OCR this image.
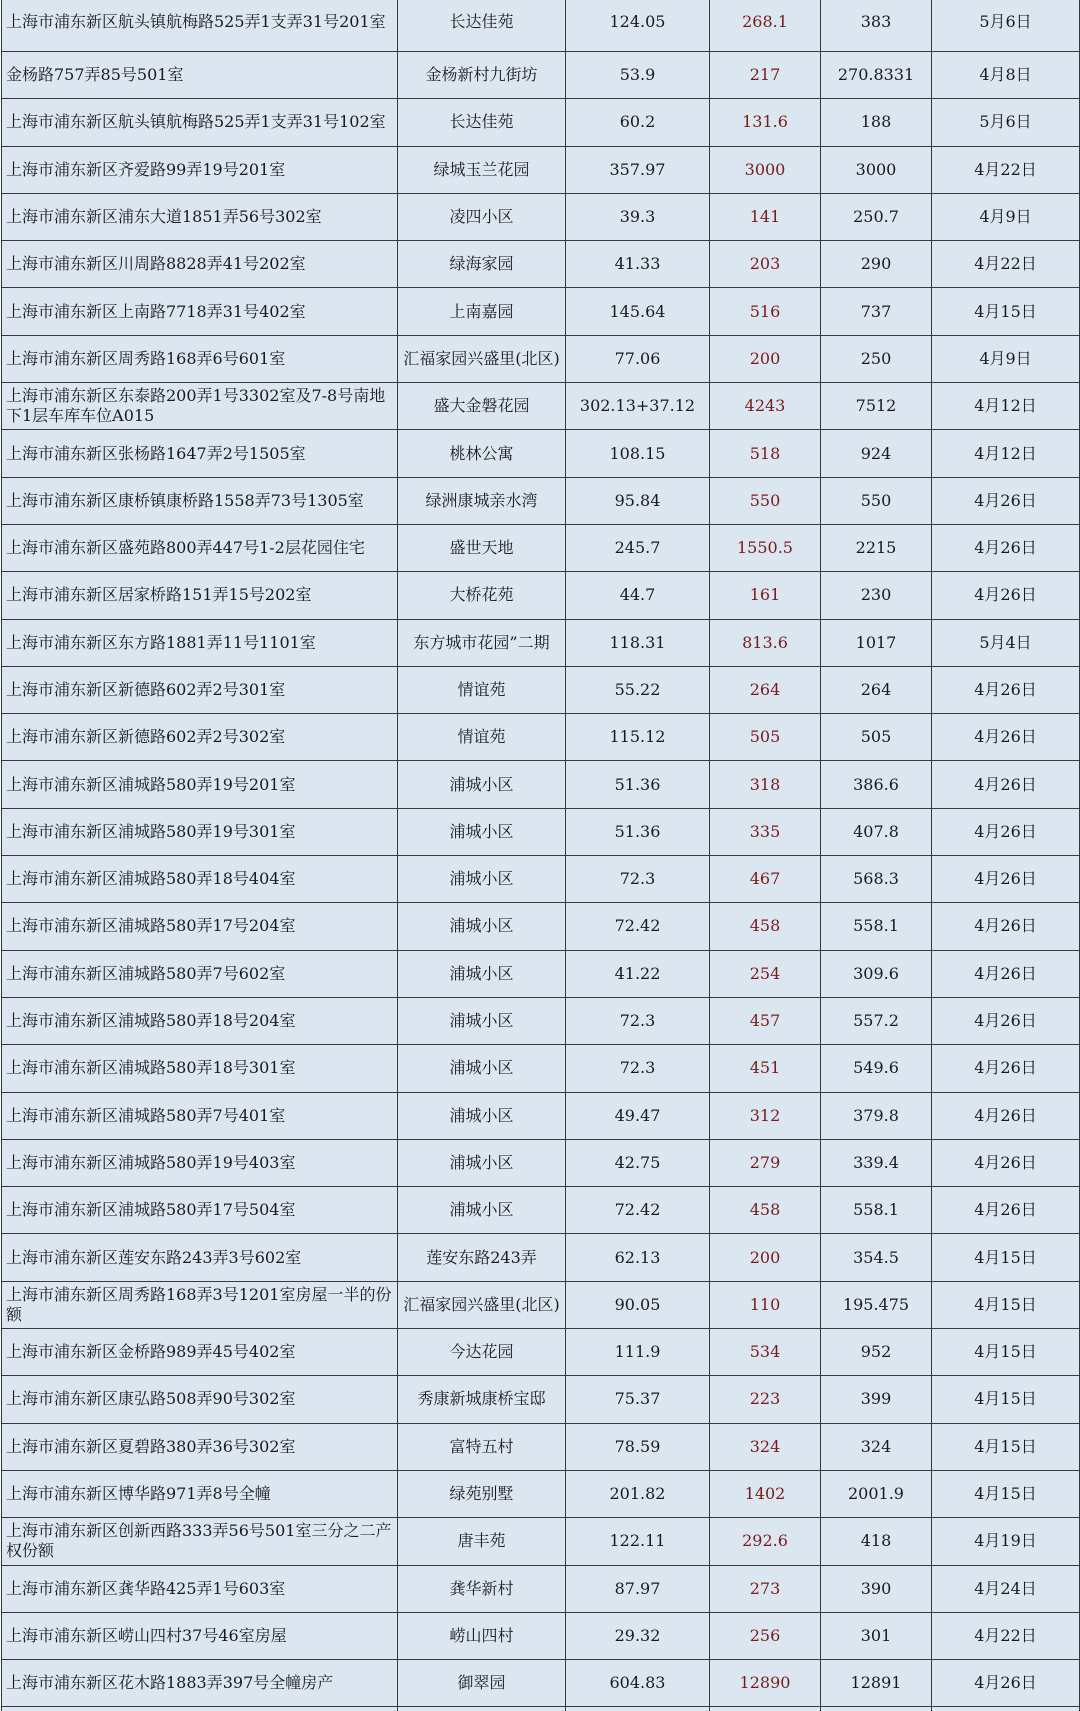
上海市浦东新区航头镇航梅路525弄1支弄31号201室	长达佳苑	124.05	268.1	383	5月6日
金杨路757弄85号501室	金杨新村九街坊	53.9	217	270.8331	4月8日
上海市浦东新区航头镇航梅路525弄1支弄31号102室	长达佳苑	60.2	131.6	188	5月6日
上海市浦东新区齐爱路99弄19号201室	绿城玉兰花园	357.97	3000	3000	4月22日
上海市浦东新区浦东大道1851弄56号302室	凌四小区	39.3	141	250.7	4月9日
上海市浦东新区川周路8828弄41号202室	绿海家园	41.33	203	290	4月22日
上海市浦东新区上南路7718弄31号402室	上南嘉园	145.64	516	737	4月15日
上海市浦东新区周秀路168弄6号601室	汇福家园兴盛里(北区)	77.06	200	250	4月9日
上海市浦东新区东泰路200弄1号3302室及7-8号南地下1层车库车位A015	盛大金磐花园	302.13+37.12	4243	7512	4月12日
上海市浦东新区张杨路1647弄2号1505室	桃林公寓	108.15	518	924	4月12日
上海市浦东新区康桥镇康桥路1558弄73号1305室	绿洲康城亲水湾	95.84	550	550	4月26日
上海市浦东新区盛苑路800弄447号1-2层花园住宅	盛世天地	245.7	1550.5	2215	4月26日
上海市浦东新区居家桥路151弄15号202室	大桥花苑	44.7	161	230	4月26日
上海市浦东新区东方路1881弄11号1101室	东方城市花园”二期	118.31	813.6	1017	5月4日
上海市浦东新区新德路602弄2号301室	情谊苑	55.22	264	264	4月26日
上海市浦东新区新德路602弄2号302室	情谊苑	115.12	505	505	4月26日
上海市浦东新区浦城路580弄19号201室	浦城小区	51.36	318	386.6	4月26日
上海市浦东新区浦城路580弄19号301室	浦城小区	51.36	335	407.8	4月26日
上海市浦东新区浦城路580弄18号404室	浦城小区	72.3	467	568.3	4月26日
上海市浦东新区浦城路580弄17号204室	浦城小区	72.42	458	558.1	4月26日
上海市浦东新区浦城路580弄7号602室	浦城小区	41.22	254	309.6	4月26日
上海市浦东新区浦城路580弄18号204室	浦城小区	72.3	457	557.2	4月26日
上海市浦东新区浦城路580弄18号301室	浦城小区	72.3	451	549.6	4月26日
上海市浦东新区浦城路580弄7号401室	浦城小区	49.47	312	379.8	4月26日
上海市浦东新区浦城路580弄19号403室	浦城小区	42.75	279	339.4	4月26日
上海市浦东新区浦城路580弄17号504室	浦城小区	72.42	458	558.1	4月26日
上海市浦东新区莲安东路243弄3号602室	莲安东路243弄	62.13	200	354.5	4月15日
上海市浦东新区周秀路168弄3号1201室房屋一半的份额	汇福家园兴盛里(北区)	90.05	110	195.475	4月15日
上海市浦东新区金桥路989弄45号402室	今达花园	111.9	534	952	4月15日
上海市浦东新区康弘路508弄90号302室	秀康新城康桥宝邸	75.37	223	399	4月15日
上海市浦东新区夏碧路380弄36号302室	富特五村	78.59	324	324	4月15日
上海市浦东新区博华路971弄8号全幢	绿苑别墅	201.82	1402	2001.9	4月15日
上海市浦东新区创新西路333弄56号501室三分之二产权份额	唐丰苑	122.11	292.6	418	4月19日
上海市浦东新区龚华路425弄1号603室	龚华新村	87.97	273	390	4月24日
上海市浦东新区崂山四村37号46室房屋	崂山四村	29.32	256	301	4月22日
上海市浦东新区花木路1883弄397号全幢房产	御翠园	604.83	12890	12891	4月26日
